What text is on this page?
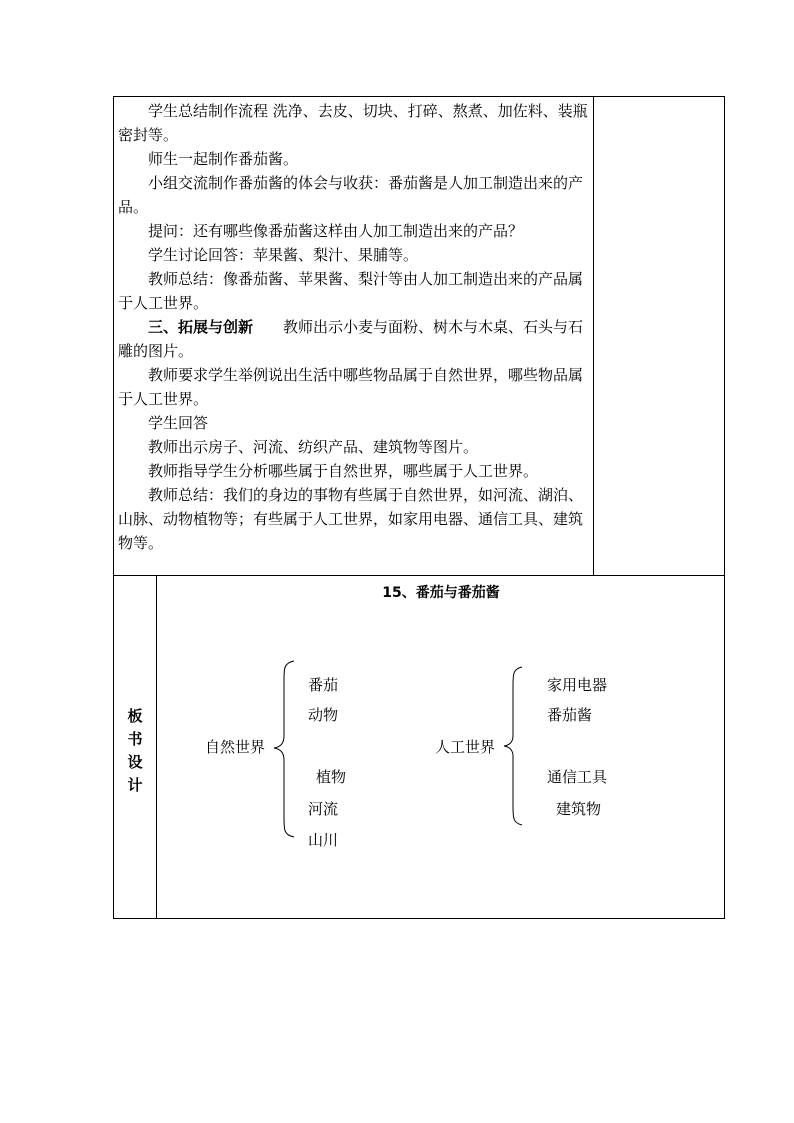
学生总结制作流程 洗净、去皮、切块、打碎、熬煮、加佐料、装瓶密封等。

师生一起制作番茄酱。

小组交流制作番茄酱的体会与收获：番茄酱是人加工制造出来的产品。

提问：还有哪些像番茄酱这样由人加工制造出来的产品？

学生讨论回答：苹果酱、梨汁、果脯等。

教师总结：像番茄酱、苹果酱、梨汁等由人加工制造出来的产品属于人工世界。

三、拓展与创新　　教师出示小麦与面粉、树木与木桌、石头与石雕的图片。

教师要求学生举例说出生活中哪些物品属于自然世界，哪些物品属于人工世界。

学生回答

教师出示房子、河流、纺织产品、建筑物等图片。

教师指导学生分析哪些属于自然世界，哪些属于人工世界。

教师总结：我们的身边的事物有些属于自然世界，如河流、湖泊、山脉、动物植物等；有些属于人工世界，如家用电器、通信工具、建筑物等。

板
书
设
计
15、番茄与番茄酱
自然世界
番茄
动物
植物
河流
山川
人工世界
家用电器
番茄酱
通信工具
建筑物
